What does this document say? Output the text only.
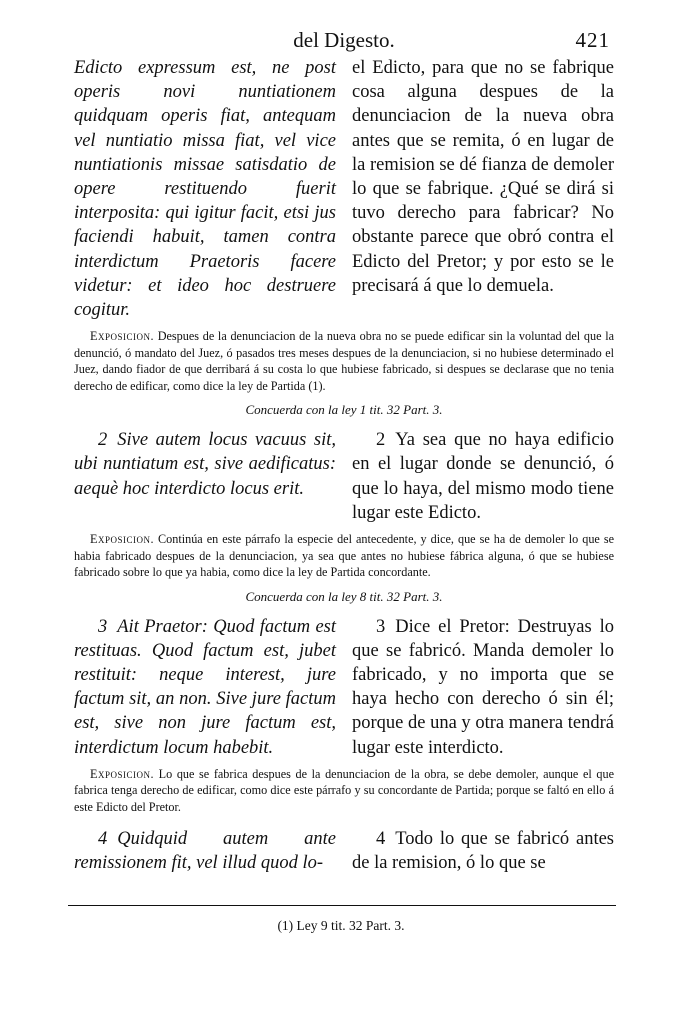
del Digesto.	421
Edicto expressum est, ne post operis novi nuntiationem quidquam operis fiat, antequam vel nuntiatio missa fiat, vel vice nuntiationis missae satisdatio de opere restituendo fuerit interposita: qui igitur facit, etsi jus faciendi habuit, tamen contra interdictum Praetoris facere videtur: et ideo hoc destruere cogitur.
el Edicto, para que no se fabrique cosa alguna despues de la denunciacion de la nueva obra antes que se remita, ó en lugar de la remision se dé fianza de demoler lo que se fabrique. ¿Qué se dirá si tuvo derecho para fabricar? No obstante parece que obró contra el Edicto del Pretor; y por esto se le precisará á que lo demuela.
Exposicion. Despues de la denunciacion de la nueva obra no se puede edificar sin la voluntad del que la denunció, ó mandato del Juez, ó pasados tres meses despues de la denunciacion, si no hubiese determinado el Juez, dando fiador de que derribará á su costa lo que hubiese fabricado, si despues se declarase que no tenia derecho de edificar, como dice la ley de Partida (1).
Concuerda con la ley 1 tit. 32 Part. 3.
2 Sive autem locus vacuus sit, ubi nuntiatum est, sive aedificatus: aequè hoc interdicto locus erit.
2 Ya sea que no haya edificio en el lugar donde se denunció, ó que lo haya, del mismo modo tiene lugar este Edicto.
Exposicion. Continúa en este párrafo la especie del antecedente, y dice, que se ha de demoler lo que se habia fabricado despues de la denunciacion, ya sea que antes no hubiese fábrica alguna, ó que se hubiese fabricado sobre lo que ya habia, como dice la ley de Partida concordante.
Concuerda con la ley 8 tit. 32 Part. 3.
3 Ait Praetor: Quod factum est restituas. Quod factum est, jubet restituit: neque interest, jure factum sit, an non. Sive jure factum est, sive non jure factum est, interdictum locum habebit.
3 Dice el Pretor: Destruyas lo que se fabricó. Manda demoler lo fabricado, y no importa que se haya hecho con derecho ó sin él; porque de una y otra manera tendrá lugar este interdicto.
Exposicion. Lo que se fabrica despues de la denunciacion de la obra, se debe demoler, aunque el que fabrica tenga derecho de edificar, como dice este párrafo y su concordante de Partida; porque se faltó en ello á este Edicto del Pretor.
4 Quidquid autem ante remissionem fit, vel illud quod lo-
4 Todo lo que se fabricó antes de la remision, ó lo que se
(1) Ley 9 tit. 32 Part. 3.
